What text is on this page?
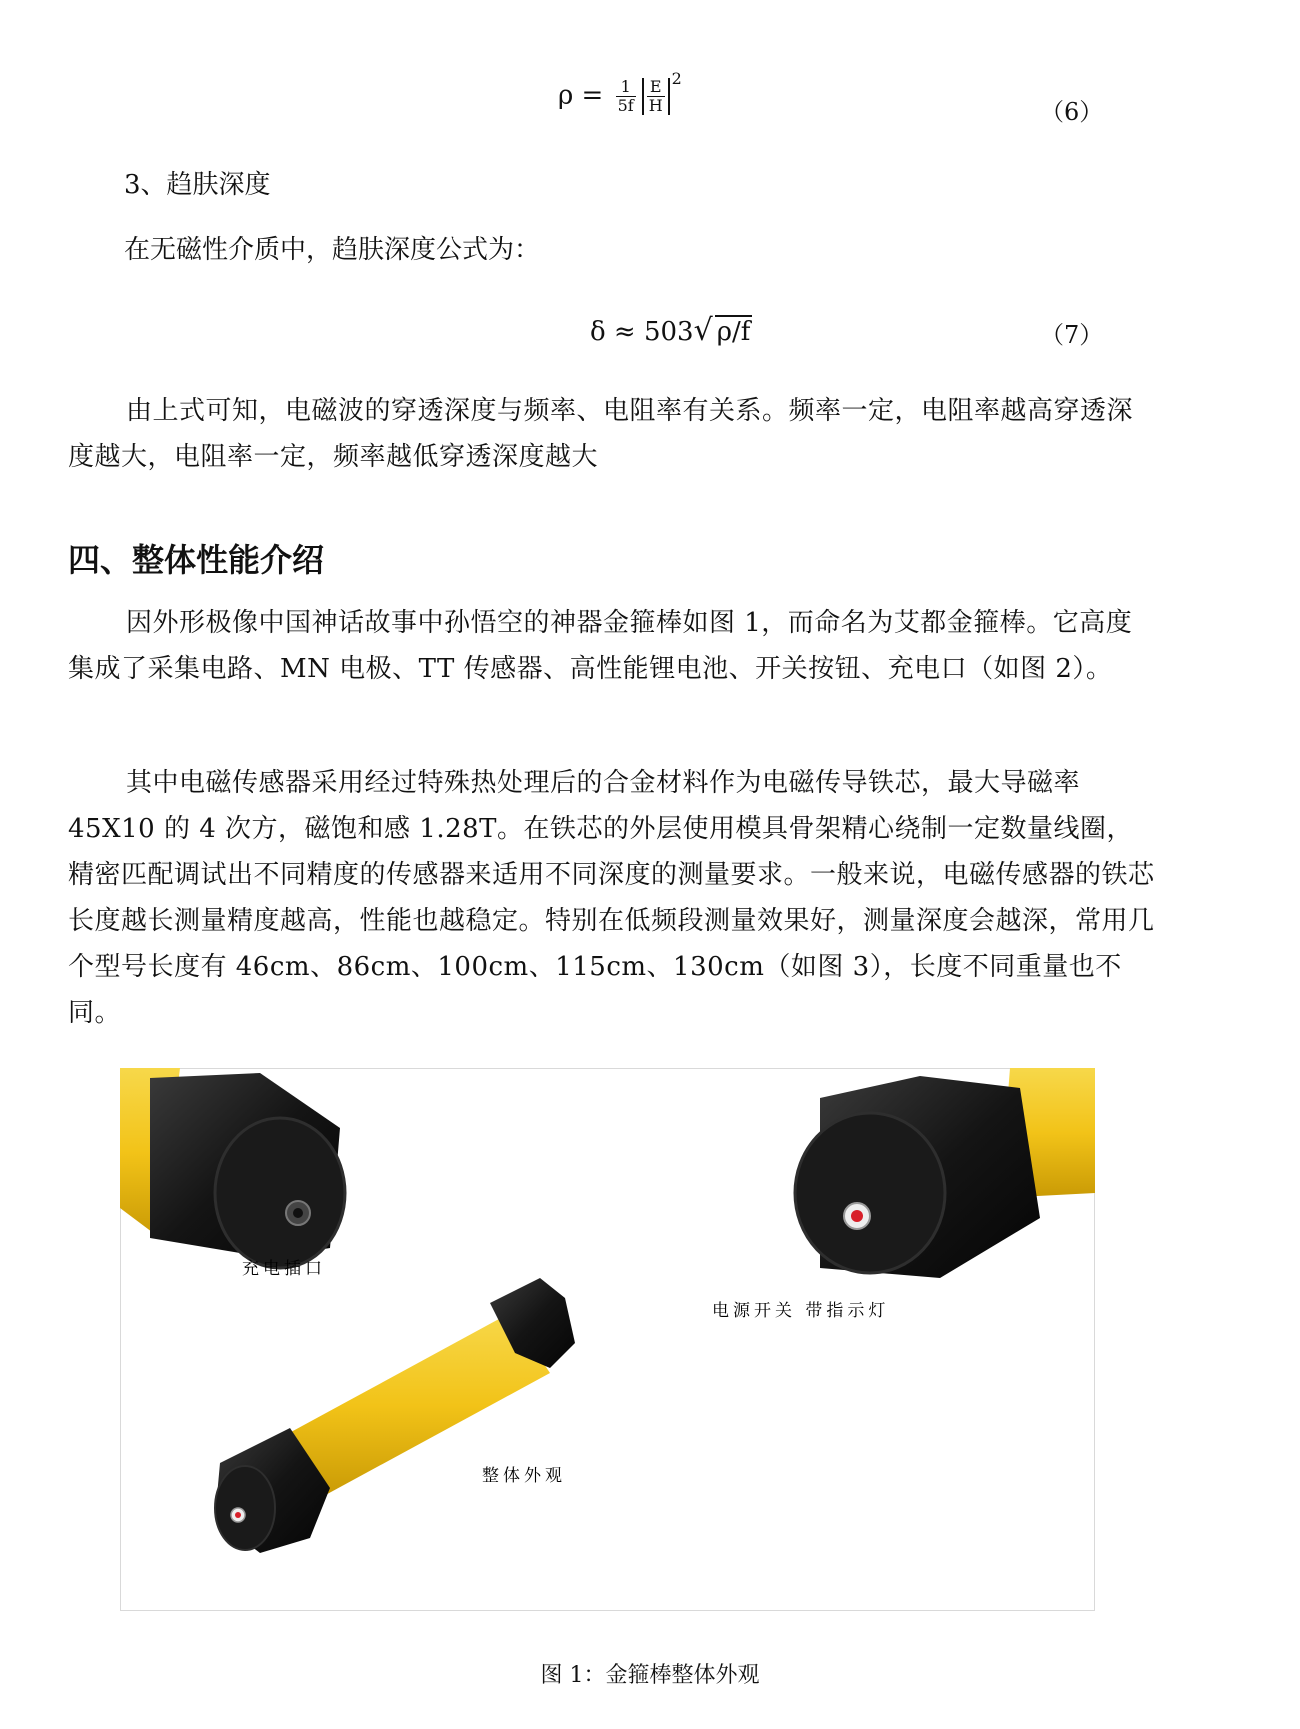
$\rho = \frac{1}{5f} \frac{E}{H} ^2$
（6）
3、趋肤深度
在无磁性介质中，趋肤深度公式为：
δ ≈ 503√ ρ/f	（7）
由上式可知，电磁波的穿透深度与频率、电阻率有关系。频率一定，电阻率越高穿透深度越大，电阻率一定，频率越低穿透深度越大
四、整体性能介绍
因外形极像中国神话故事中孙悟空的神器金箍棒如图 1，而命名为艾都金箍棒。它高度集成了采集电路、MN 电极、TT 传感器、高性能锂电池、开关按钮、充电口（如图 2）。
其中电磁传感器采用经过特殊热处理后的合金材料作为电磁传导铁芯，最大导磁率 45X10 的 4 次方，磁饱和感 1.28T。在铁芯的外层使用模具骨架精心绕制一定数量线圈，精密匹配调试出不同精度的传感器来适用不同深度的测量要求。一般来说，电磁传感器的铁芯长度越长测量精度越高，性能也越稳定。特别在低频段测量效果好，测量深度会越深，常用几个型号长度有 46cm、86cm、100cm、115cm、130cm（如图 3），长度不同重量也不同。
充电插口
电源开关 带指示灯
整体外观
图 1：金箍棒整体外观
